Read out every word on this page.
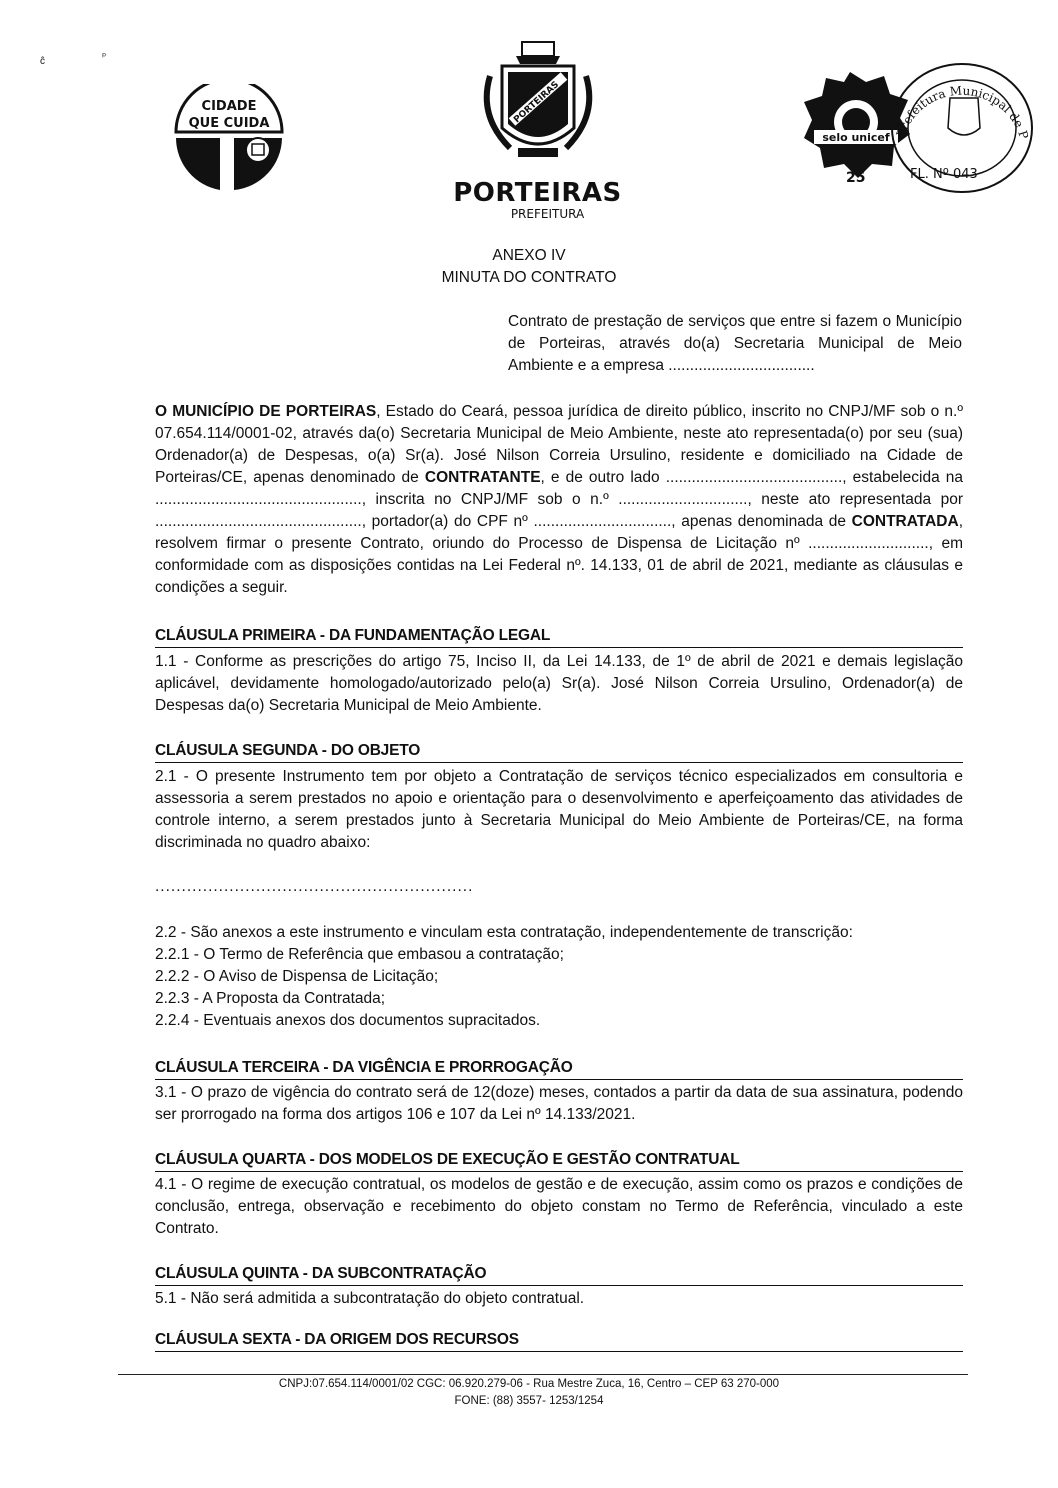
ĉ
ₚ
CIDADE
QUE CUIDA	PORTEIRAS
PORTEIRAS
PREFEITURA
selo unicef
25
Prefeitura Municipal de P
FL. Nº 043
ANEXO IV
MINUTA DO CONTRATO
Contrato de prestação de serviços que entre si fazem o Município de Porteiras, através do(a) Secretaria Municipal de Meio Ambiente e a empresa ..................................
O MUNICÍPIO DE PORTEIRAS, Estado do Ceará, pessoa jurídica de direito público, inscrito no CNPJ/MF sob o n.º 07.654.114/0001-02, através da(o) Secretaria Municipal de Meio Ambiente, neste ato representada(o) por seu (sua) Ordenador(a) de Despesas, o(a) Sr(a). José Nilson Correia Ursulino, residente e domiciliado na Cidade de Porteiras/CE, apenas denominado de CONTRATANTE, e de outro lado ........................................., estabelecida na ................................................, inscrita no CNPJ/MF sob o n.º .............................., neste ato representada por ................................................, portador(a) do CPF nº ................................, apenas denominada de CONTRATADA, resolvem firmar o presente Contrato, oriundo do Processo de Dispensa de Licitação nº ............................, em conformidade com as disposições contidas na Lei Federal nº. 14.133, 01 de abril de 2021, mediante as cláusulas e condições a seguir.
CLÁUSULA PRIMEIRA - DA FUNDAMENTAÇÃO LEGAL
1.1 - Conforme as prescrições do artigo 75, Inciso II, da Lei 14.133, de 1º de abril de 2021 e demais legislação aplicável, devidamente homologado/autorizado pelo(a) Sr(a). José Nilson Correia Ursulino, Ordenador(a) de Despesas da(o) Secretaria Municipal de Meio Ambiente.
CLÁUSULA SEGUNDA - DO OBJETO
2.1 - O presente Instrumento tem por objeto a Contratação de serviços técnico especializados em consultoria e assessoria a serem prestados no apoio e orientação para o desenvolvimento e aperfeiçoamento das atividades de controle interno, a serem prestados junto à Secretaria Municipal do Meio Ambiente de Porteiras/CE, na forma discriminada no quadro abaixo:
............................................................
2.2 - São anexos a este instrumento e vinculam esta contratação, independentemente de transcrição:
2.2.1 - O Termo de Referência que embasou a contratação;
2.2.2 - O Aviso de Dispensa de Licitação;
2.2.3 - A Proposta da Contratada;
2.2.4 - Eventuais anexos dos documentos supracitados.
CLÁUSULA TERCEIRA - DA VIGÊNCIA E PRORROGAÇÃO
3.1 - O prazo de vigência do contrato será de 12(doze) meses, contados a partir da data de sua assinatura, podendo ser prorrogado na forma dos artigos 106 e 107 da Lei nº 14.133/2021.
CLÁUSULA QUARTA - DOS MODELOS DE EXECUÇÃO E GESTÃO CONTRATUAL
4.1 - O regime de execução contratual, os modelos de gestão e de execução, assim como os prazos e condições de conclusão, entrega, observação e recebimento do objeto constam no Termo de Referência, vinculado a este Contrato.
CLÁUSULA QUINTA - DA SUBCONTRATAÇÃO
5.1 - Não será admitida a subcontratação do objeto contratual.
CLÁUSULA SEXTA - DA ORIGEM DOS RECURSOS
CNPJ:07.654.114/0001/02 CGC: 06.920.279-06 - Rua Mestre Zuca, 16, Centro – CEP 63 270-000
FONE: (88) 3557- 1253/1254
